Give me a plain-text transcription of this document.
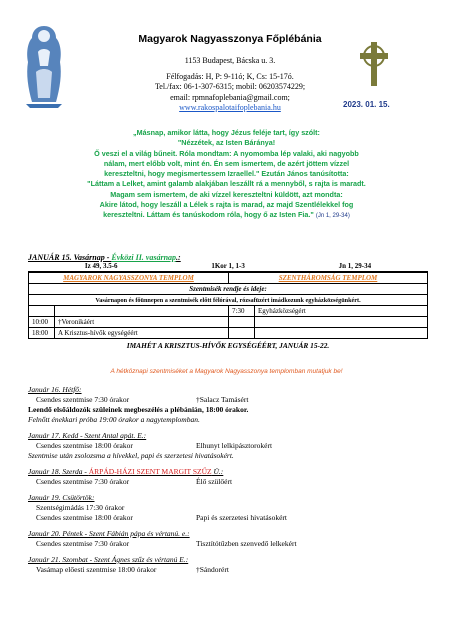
Magyarok Nagyasszonya Főplébánia
1153 Budapest, Bácska u. 3.
Félfogadás: H, P: 9-11ó; K, Cs: 15-17ó.
Tel./fax: 06-1-307-6315; mobil: 06203574229;
email: rpmnafoplebania@gmail.com;
www.rakospalotaifoplebania.hu	2023. 01. 15.
„Másnap, amikor látta, hogy Jézus feléje tart, így szólt:
"Nézzétek, az Isten Báránya!
Ő veszi el a világ bűneit. Róla mondtam: A nyomomba lép valaki, aki nagyobb
nálam, mert előbb volt, mint én. Én sem ismertem, de azért jöttem vízzel
kereszteltni, hogy megismertessem Izraellel." Ezután János tanúsította:
"Láttam a Lelket, amint galamb alakjában leszállt rá a mennyből, s rajta is maradt.
Magam sem ismertem, de aki vízzel kereszteltni küldött, azt mondta:
Akire látod, hogy leszáll a Lélek s rajta is marad, az majd Szentlélekkel fog
kereszteltni. Láttam és tanúskodom róla, hogy ő az Isten Fia." (Jn 1, 29-34)
JANUÁR 15. Vasárnap - Évközi II. vasárnap.:
Iz 49, 3.5-6	1Kor 1, 1-3	Jn 1, 29-34
MAGYAROK NAGYASSZONYA TEMPLOM		SZENTHÁROMSÁG TEMPLOM	
Szentmisék rendje és ideje:			
Vasárnapon és főünnepen a szentmisék előtt félórával, rózsafüzért imádkozunk egyházközségünkért.			
		7:30	Egyházközségért
10:00	†Veronikáért		
18:00	A Krisztus-hívők egységéért		
IMAHÉT A KRISZTUS-HÍVŐK EGYSÉGÉÉRT, JANUÁR 15-22.
A hétköznapi szentmiséket a Magyarok Nagyasszonya templomban mutatjuk be!
Január 16. Hétfő:
Csendes szentmise 7:30 órakor	†Salacz Tamásért
Leendő elsőáldozók szüleinek megbeszélés a plébánián, 18:00 órakor.
Felnőtt énekkari próba 19:00 órakor a nagytemplomban.
Január 17. Kedd - Szent Antal apát. E.:
Csendes szentmise 18:00 órakor	Elhunyt lelkipásztorokért
Szentmise után zsolozsma a hívekkel, papi és szerzetesi hivatásokért.
Január 18. Szerda - ÁRPÁD-HÁZI SZENT MARGIT SZŰZ Ü.:
Csendes szentmise 7:30 órakor	Élő szülőért
Január 19. Csütörtök:
Szentségimádás 17:30 órakor
Csendes szentmise 18:00 órakor	Papi és szerzetesi hivatásokért
Január 20. Péntek - Szent Fábián pápa és vértanú. e.:
Csendes szentmise 7:30 órakor	Tisztítótűzben szenvedő lelkekért
Január 21. Szombat - Szent Ágnes szűz és vértanú E.:
Vasámap előesti szentmise 18:00 órakor	†Sándorért
